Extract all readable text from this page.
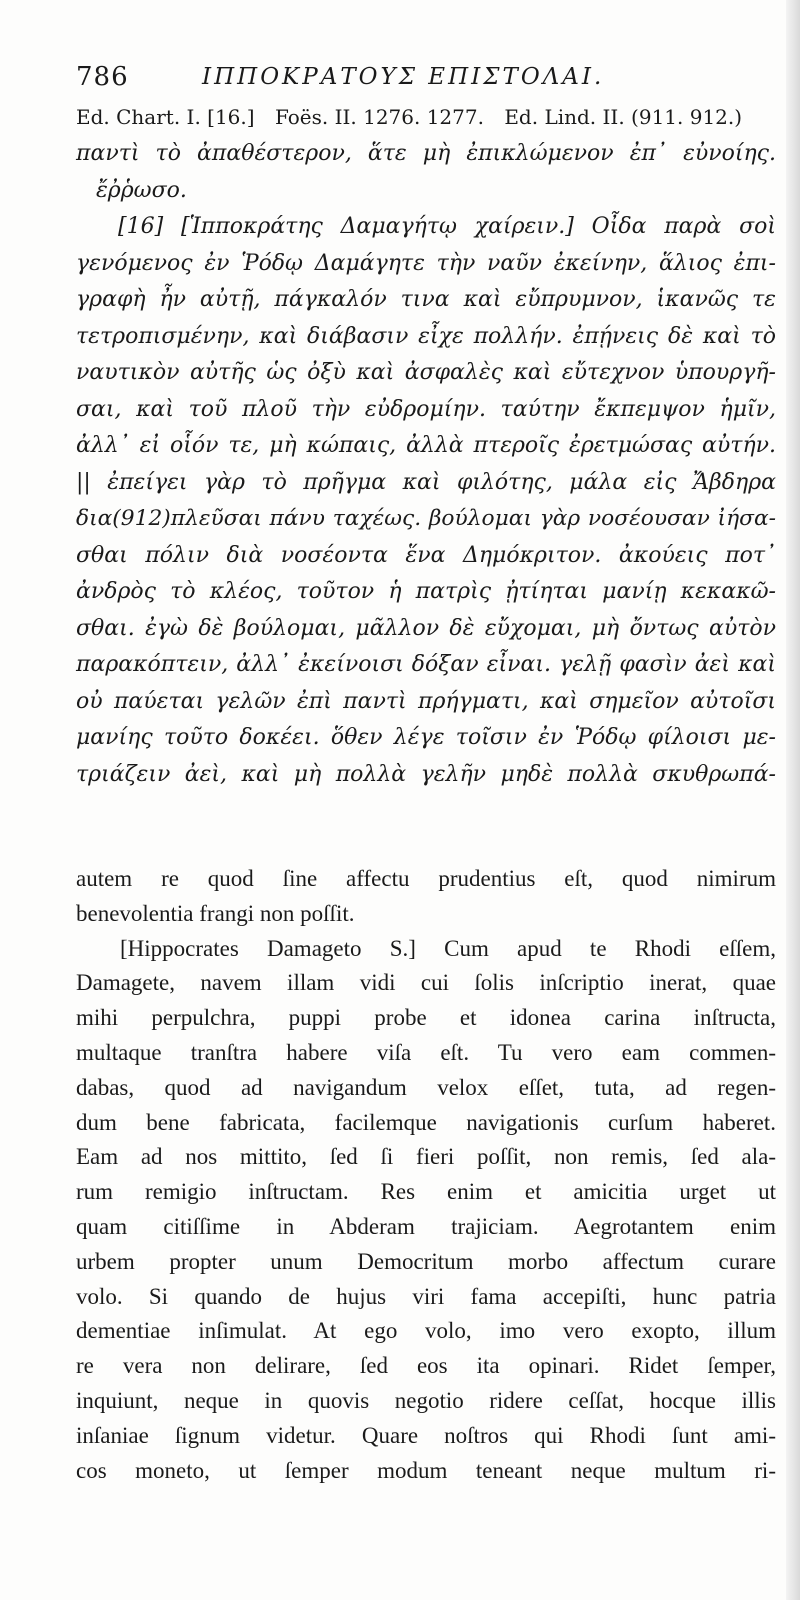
786	ΙΠΠΟΚΡΑΤΟΥΣ ΕΠΙΣΤΟΛΑΙ.
Ed. Chart. I. [16.] Foës. II. 1276. 1277. Ed. Lind. II. (911. 912.)
παντὶ τὸ ἀπαθέστερον, ἅτε μὴ ἐπικλώμενον ἐπ᾽ εὐνοίης.
ἔῤῥωσο.
[16] [Ἱπποκράτης Δαμαγήτῳ χαίρειν.] Οἶδα παρὰ σοὶ
γενόμενος ἐν Ῥόδῳ Δαμάγητε τὴν ναῦν ἐκείνην, ἅλιος ἐπι-
γραφὴ ἦν αὐτῇ, πάγκαλόν τινα καὶ εὔπρυμνον, ἱκανῶς τε
τετροπισμένην, καὶ διάβασιν εἶχε πολλήν. ἐπῄνεις δὲ καὶ τὸ
ναυτικὸν αὐτῆς ὡς ὀξὺ καὶ ἀσφαλὲς καὶ εὔτεχνον ὑπουργῆ-
σαι, καὶ τοῦ πλοῦ τὴν εὐδρομίην. ταύτην ἔκπεμψον ἡμῖν,
ἀλλ᾽ εἰ οἷόν τε, μὴ κώπαις, ἀλλὰ πτεροῖς ἐρετμώσας αὐτήν.
|| ἐπείγει γὰρ τὸ πρῆγμα καὶ φιλότης, μάλα εἰς Ἄβδηρα
δια(912)πλεῦσαι πάνυ ταχέως. βούλομαι γὰρ νοσέουσαν ἰήσα-
σθαι πόλιν διὰ νοσέοντα ἕνα Δημόκριτον. ἀκούεις ποτ᾽
ἀνδρὸς τὸ κλέος, τοῦτον ἡ πατρὶς ᾐτίηται μανίῃ κεκακῶ-
σθαι. ἐγὼ δὲ βούλομαι, μᾶλλον δὲ εὔχομαι, μὴ ὄντως αὐτὸν
παρακόπτειν, ἀλλ᾽ ἐκείνοισι δόξαν εἶναι. γελῇ φασὶν ἀεὶ καὶ
οὐ παύεται γελῶν ἐπὶ παντὶ πρήγματι, καὶ σημεῖον αὐτοῖσι
μανίης τοῦτο δοκέει. ὅθεν λέγε τοῖσιν ἐν Ῥόδῳ φίλοισι με-
τριάζειν ἀεὶ, καὶ μὴ πολλὰ γελῆν μηδὲ πολλὰ σκυθρωπά-
autem re quod ſine affectu prudentius eſt, quod nimirum
benevolentia frangi non poſſit.
[Hippocrates Damageto S.] Cum apud te Rhodi eſſem,
Damagete, navem illam vidi cui ſolis inſcriptio inerat, quae
mihi perpulchra, puppi probe et idonea carina inſtructa,
multaque tranſtra habere viſa eſt. Tu vero eam commen-
dabas, quod ad navigandum velox eſſet, tuta, ad regen-
dum bene fabricata, facilemque navigationis curſum haberet.
Eam ad nos mittito, ſed ſi fieri poſſit, non remis, ſed ala-
rum remigio inſtructam. Res enim et amicitia urget ut
quam citiſſime in Abderam trajiciam. Aegrotantem enim
urbem propter unum Democritum morbo affectum curare
volo. Si quando de hujus viri fama accepiſti, hunc patria
dementiae inſimulat. At ego volo, imo vero exopto, illum
re vera non delirare, ſed eos ita opinari. Ridet ſemper,
inquiunt, neque in quovis negotio ridere ceſſat, hocque illis
inſaniae ſignum videtur. Quare noſtros qui Rhodi ſunt ami-
cos moneto, ut ſemper modum teneant neque multum ri-
